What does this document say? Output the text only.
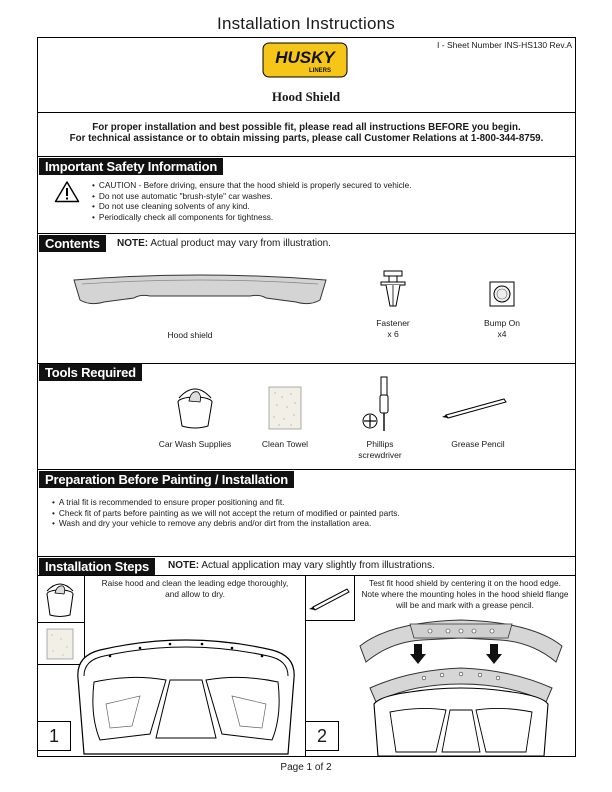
Installation Instructions
I - Sheet Number INS-HS130 Rev.A
HUSKY
LINERS
Hood Shield
For proper installation and best possible fit, please read all instructions BEFORE you begin.
For technical assistance or to obtain missing parts, please call Customer Relations at 1-800-344-8759.
Important Safety Information
• CAUTION - Before driving, ensure that the hood shield is properly secured to vehicle.
• Do not use automatic "brush-style" car washes.
• Do not use cleaning solvents of any kind.
• Periodically check all components for tightness.
Contents	NOTE: Actual product may vary from illustration.
Hood shield
Fastener
x 6
Bump On
x4
Tools Required
Car Wash Supplies	Clean Towel	Phillips
screwdriver
Grease Pencil
Preparation Before Painting / Installation
• A trial fit is recommended to ensure proper positioning and fit.
• Check fit of parts before painting as we will not accept the return of modified or painted parts.
• Wash and dry your vehicle to remove any debris and/or dirt from the installation area.
Installation Steps	NOTE: Actual application may vary slightly from illustrations.
Raise hood and clean the leading edge thoroughly,
and allow to dry.
1
Test fit hood shield by centering it on the hood edge.
Note where the mounting holes in the hood shield flange
will be and mark with a grease pencil.
2
Page 1 of 2
